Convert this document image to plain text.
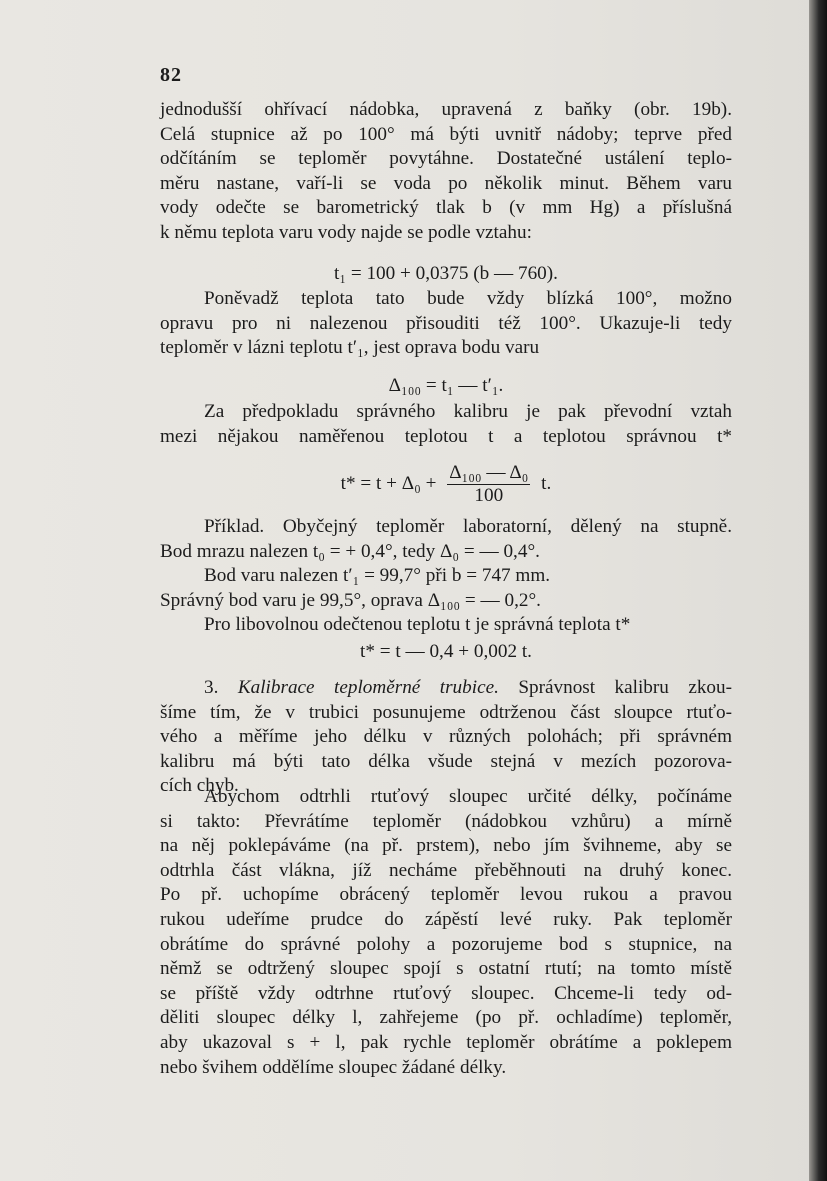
82
jednodušší ohřívací nádobka, upravená z baňky (obr. 19b).
Celá stupnice až po 100° má býti uvnitř nádoby; teprve před
odčítáním se teploměr povytáhne. Dostatečné ustálení teplo-
měru nastane, vaří-li se voda po několik minut. Během varu
vody odečte se barometrický tlak b (v mm Hg) a příslušná
k němu teplota varu vody najde se podle vztahu:
t₁ = 100 + 0,0375 (b — 760).
Poněvadž teplota tato bude vždy blízká 100°, možno
opravu pro ni nalezenou přisouditi též 100°. Ukazuje-li tedy
teploměr v lázni teplotu t′₁, jest oprava bodu varu
Δ₁₀₀ = t₁ — t′₁.
Za předpokladu správného kalibru je pak převodní vztah
mezi nějakou naměřenou teplotou t a teplotou správnou t*
$t* = t + \Delta_0 + \frac{\text{Δ₁₀₀ — Δ₀}}{100} t$.
Příklad. Obyčejný teploměr laboratorní, dělený na stupně.
Bod mrazu nalezen t₀ = + 0,4°, tedy Δ₀ = — 0,4°.
Bod varu nalezen t′₁ = 99,7° při b = 747 mm.
Správný bod varu je 99,5°, oprava Δ₁₀₀ = — 0,2°.
Pro libovolnou odečtenou teplotu t je správná teplota t*
t* = t — 0,4 + 0,002 t.
3. Kalibrace teploměrné trubice. Správnost kalibru zkou-
šíme tím, že v trubici posunujeme odtrženou část sloupce rtuťo-
vého a měříme jeho délku v různých polohách; při správném
kalibru má býti tato délka všude stejná v mezích pozorova-
cích chyb.
Abychom odtrhli rtuťový sloupec určité délky, počínáme
si takto: Převrátíme teploměr (nádobkou vzhůru) a mírně
na něj poklepáváme (na př. prstem), nebo jím švihneme, aby se
odtrhla část vlákna, jíž necháme přeběhnouti na druhý konec.
Po př. uchopíme obrácený teploměr levou rukou a pravou
rukou udeříme prudce do zápěstí levé ruky. Pak teploměr
obrátíme do správné polohy a pozorujeme bod s stupnice, na
němž se odtržený sloupec spojí s ostatní rtutí; na tomto místě
se příště vždy odtrhne rtuťový sloupec. Chceme-li tedy od-
děliti sloupec délky l, zahřejeme (po př. ochladíme) teploměr,
aby ukazoval s + l, pak rychle teploměr obrátíme a poklepem
nebo švihem oddělíme sloupec žádané délky.
